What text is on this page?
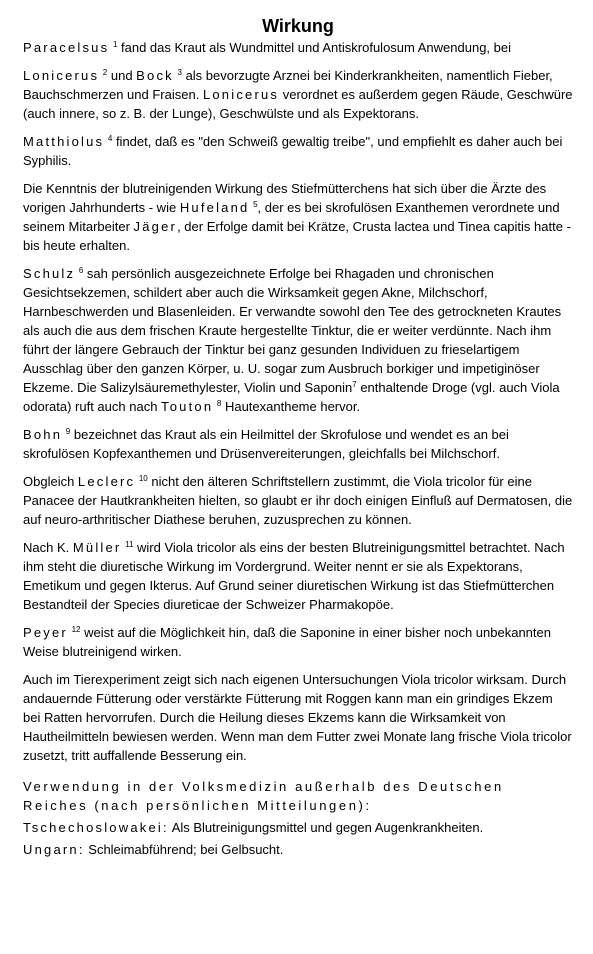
Wirkung

Paracelsus $^1$ fand das Kraut als Wundmittel und Antiskrofulosum Anwendung, bei

Lonicerus $^2$ und Bock $^3$ als bevorzugte Arznei bei Kinderkrankheiten, namentlich Fieber, Bauchschmerzen und Fraisen. Lonicerus verordnet es außerdem gegen Räude, Geschwüre (auch innere, so z. B. der Lunge), Geschwülste und als Expektorans.

Matthiolus $^4$ findet, daß es "den Schweiß gewaltig treibe", und empfiehlt es daher auch bei Syphilis.

Die Kenntnis der blutreinigenden Wirkung des Stiefmütterchens hat sich über die Ärzte des vorigen Jahrhunderts - wie Hufeland $^5$, der es bei skrofulösen Exanthemen verordnete und seinem Mitarbeiter Jäger, der Erfolge damit bei Krätze, Crusta lactea und Tinea capitis hatte - bis heute erhalten.

Schulz $^6$ sah persönlich ausgezeichnete Erfolge bei Rhagaden und chronischen Gesichtsekzemen, schildert aber auch die Wirksamkeit gegen Akne, Milchschorf, Harnbeschwerden und Blasenleiden. Er verwandte sowohl den Tee des getrockneten Krautes als auch die aus dem frischen Kraute hergestellte Tinktur, die er weiter verdünnte. Nach ihm führt der längere Gebrauch der Tinktur bei ganz gesunden Individuen zu frieselartigem Ausschlag über den ganzen Körper, u. U. sogar zum Ausbruch borkiger und impetiginöser Ekzeme. Die Salizylsäuremethylester, Violin und Saponin$^7$ enthaltende Droge (vgl. auch Viola odorata) ruft auch nach Touton $^8$ Hautexantheme hervor.

Bohn $^9$ bezeichnet das Kraut als ein Heilmittel der Skrofulose und wendet es an bei skrofulösen Kopfexanthemen und Drüsenvereiterungen, gleichfalls bei Milchschorf.

Obgleich Leclerc $^{10}$ nicht den älteren Schriftstellern zustimmt, die Viola tricolor für eine Panacee der Hautkrankheiten hielten, so glaubt er ihr doch einigen Einfluß auf Dermatosen, die auf neuro-arthritischer Diathese beruhen, zuzusprechen zu können.

Nach K. Müller $^{11}$ wird Viola tricolor als eins der besten Blutreinigungsmittel betrachtet. Nach ihm steht die diuretische Wirkung im Vordergrund. Weiter nennt er sie als Expektorans, Emetikum und gegen Ikterus. Auf Grund seiner diuretischen Wirkung ist das Stiefmütterchen Bestandteil der Species diureticae der Schweizer Pharmakopöe.

Peyer $^{12}$ weist auf die Möglichkeit hin, daß die Saponine in einer bisher noch unbekannten Weise blutreinigend wirken.

Auch im Tierexperiment zeigt sich nach eigenen Untersuchungen Viola tricolor wirksam. Durch andauernde Fütterung oder verstärkte Fütterung mit Roggen kann man ein grindiges Ekzem bei Ratten hervorrufen. Durch die Heilung dieses Ekzems kann die Wirksamkeit von Hautheilmitteln bewiesen werden. Wenn man dem Futter zwei Monate lang frische Viola tricolor zusetzt, tritt auffallende Besserung ein.

Verwendung in der Volksmedizin außerhalb des Deutschen Reiches (nach persönlichen Mitteilungen):

Tschechoslowakei: Als Blutreinigungsmittel und gegen Augenkrankheiten.

Ungarn: Schleimabführend; bei Gelbsucht.
